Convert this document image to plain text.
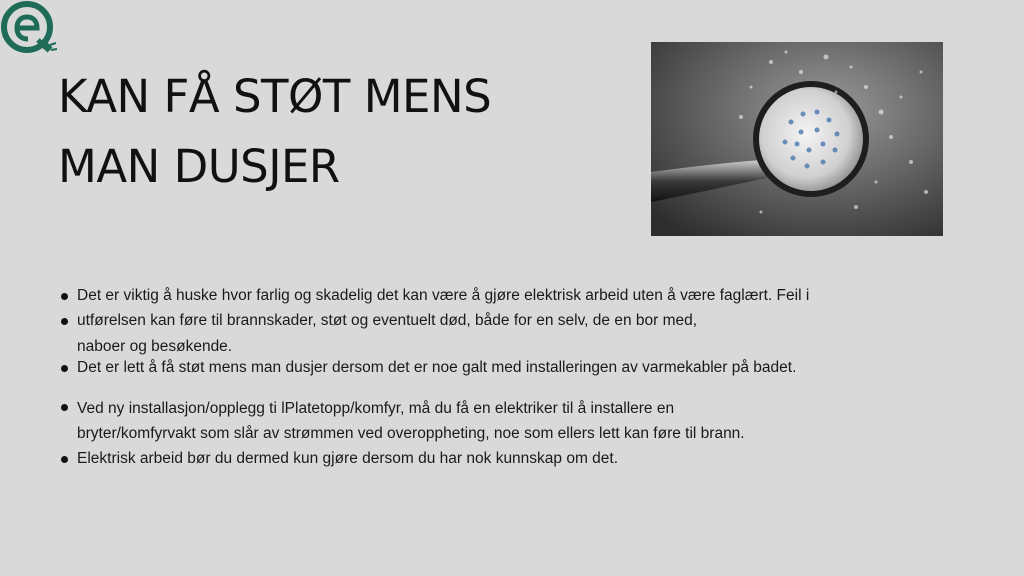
KAN FÅ STØT MENS
MAN DUSJER
Det er viktig å huske hvor farlig og skadelig det kan være å gjøre elektrisk arbeid uten å være faglært. Feil i
utførelsen kan føre til brannskader, støt og eventuelt død, både for en selv, de en bor med,
naboer og besøkende.
Det er lett å få støt mens man dusjer dersom det er noe galt med installeringen av varmekabler på badet.
Ved ny installasjon/opplegg ti lPlatetopp/komfyr, må du få en elektriker til å installere en
bryter/komfyrvakt som slår av strømmen ved overoppheting, noe som ellers lett kan føre til brann.
Elektrisk arbeid bør du dermed kun gjøre dersom du har nok kunnskap om det.
